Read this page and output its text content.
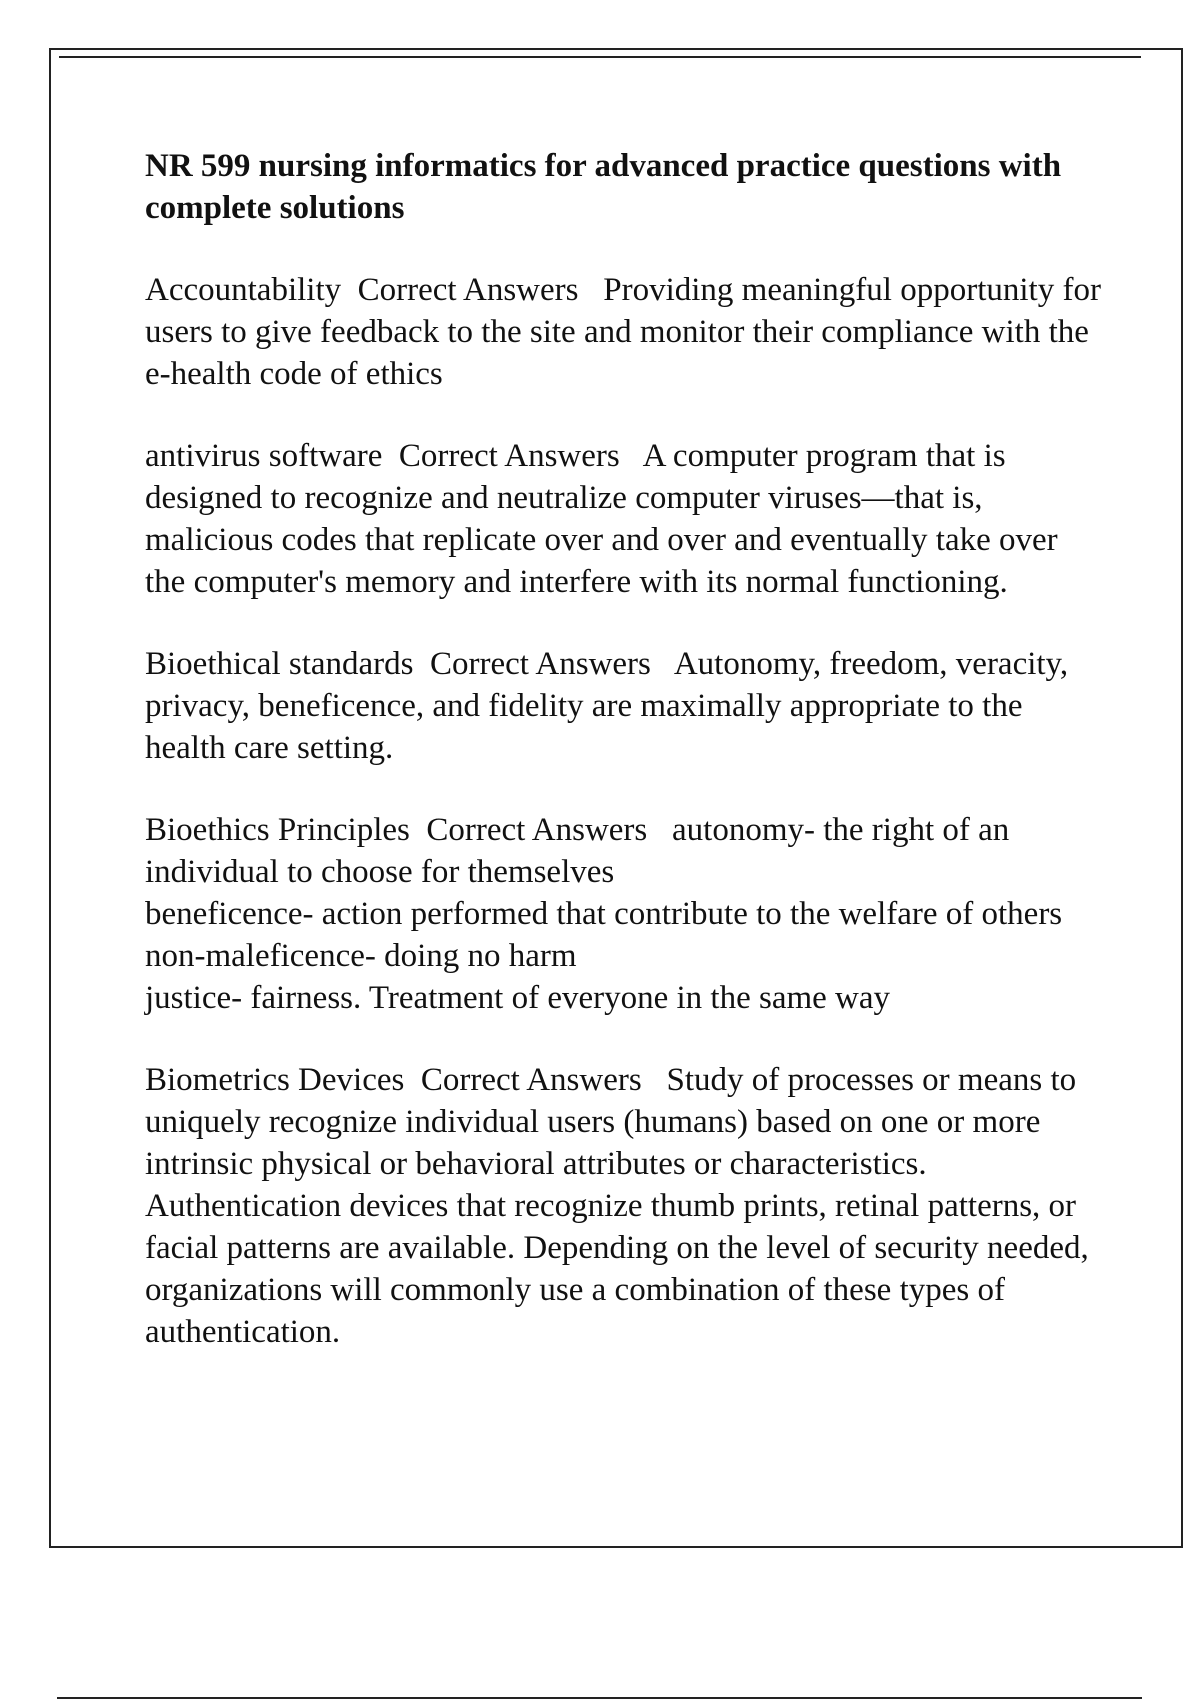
NR 599 nursing informatics for advanced practice questions with complete solutions
Accountability Correct Answers Providing meaningful opportunity for users to give feedback to the site and monitor their compliance with the e-health code of ethics
antivirus software Correct Answers A computer program that is designed to recognize and neutralize computer viruses—that is, malicious codes that replicate over and over and eventually take over the computer's memory and interfere with its normal functioning.
Bioethical standards Correct Answers Autonomy, freedom, veracity, privacy, beneficence, and fidelity are maximally appropriate to the health care setting.
Bioethics Principles Correct Answers autonomy- the right of an individual to choose for themselves
beneficence- action performed that contribute to the welfare of others
non-maleficence- doing no harm
justice- fairness. Treatment of everyone in the same way
Biometrics Devices Correct Answers Study of processes or means to uniquely recognize individual users (humans) based on one or more intrinsic physical or behavioral attributes or characteristics. Authentication devices that recognize thumb prints, retinal patterns, or facial patterns are available. Depending on the level of security needed, organizations will commonly use a combination of these types of authentication.
